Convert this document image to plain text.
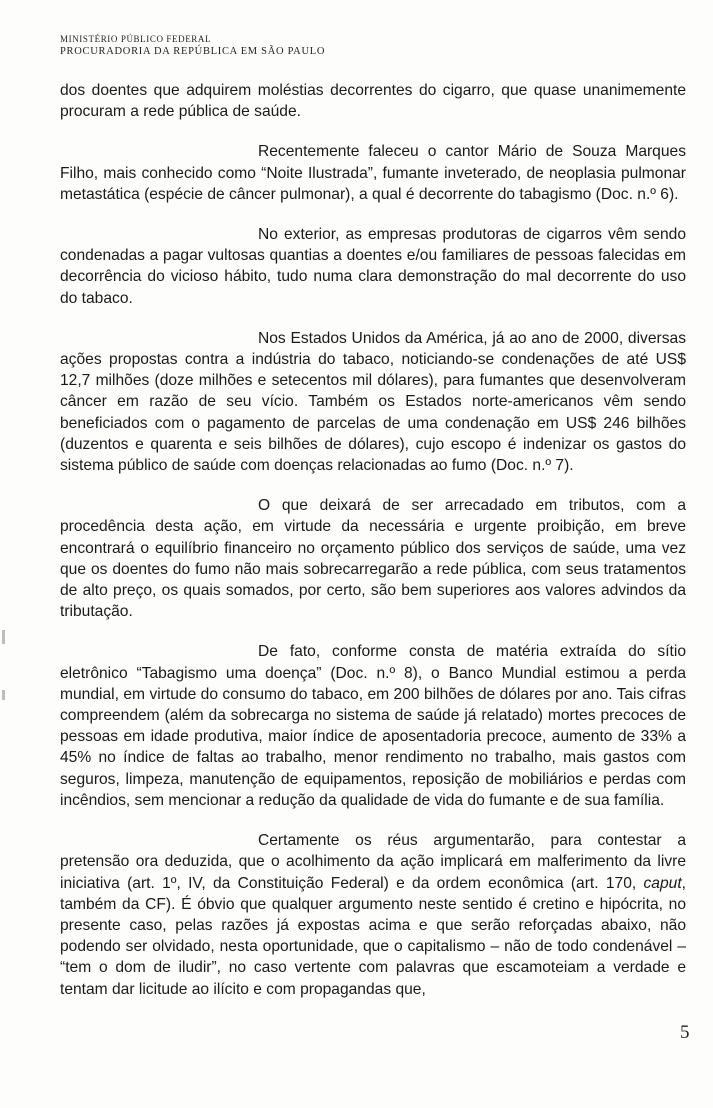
MINISTÉRIO PÚBLICO FEDERAL
PROCURADORIA DA REPÚBLICA EM SÃO PAULO

dos doentes que adquirem moléstias decorrentes do cigarro, que quase unanimemente procuram a rede pública de saúde.

Recentemente faleceu o cantor Mário de Souza Marques Filho, mais conhecido como “Noite Ilustrada”, fumante inveterado, de neoplasia pulmonar metastática (espécie de câncer pulmonar), a qual é decorrente do tabagismo (Doc. n.º 6).

No exterior, as empresas produtoras de cigarros vêm sendo condenadas a pagar vultosas quantias a doentes e/ou familiares de pessoas falecidas em decorrência do vicioso hábito, tudo numa clara demonstração do mal decorrente do uso do tabaco.

Nos Estados Unidos da América, já ao ano de 2000, diversas ações propostas contra a indústria do tabaco, noticiando-se condenações de até US$ 12,7 milhões (doze milhões e setecentos mil dólares), para fumantes que desenvolveram câncer em razão de seu vício. Também os Estados norte-americanos vêm sendo beneficiados com o pagamento de parcelas de uma condenação em US$ 246 bilhões (duzentos e quarenta e seis bilhões de dólares), cujo escopo é indenizar os gastos do sistema público de saúde com doenças relacionadas ao fumo (Doc. n.º 7).

O que deixará de ser arrecadado em tributos, com a procedência desta ação, em virtude da necessária e urgente proibição, em breve encontrará o equilíbrio financeiro no orçamento público dos serviços de saúde, uma vez que os doentes do fumo não mais sobrecarregarão a rede pública, com seus tratamentos de alto preço, os quais somados, por certo, são bem superiores aos valores advindos da tributação.

De fato, conforme consta de matéria extraída do sítio eletrônico “Tabagismo uma doença” (Doc. n.º 8), o Banco Mundial estimou a perda mundial, em virtude do consumo do tabaco, em 200 bilhões de dólares por ano. Tais cifras compreendem (além da sobrecarga no sistema de saúde já relatado) mortes precoces de pessoas em idade produtiva, maior índice de aposentadoria precoce, aumento de 33% a 45% no índice de faltas ao trabalho, menor rendimento no trabalho, mais gastos com seguros, limpeza, manutenção de equipamentos, reposição de mobiliários e perdas com incêndios, sem mencionar a redução da qualidade de vida do fumante e de sua família.

Certamente os réus argumentarão, para contestar a pretensão ora deduzida, que o acolhimento da ação implicará em malferimento da livre iniciativa (art. 1º, IV, da Constituição Federal) e da ordem econômica (art. 170, caput, também da CF). É óbvio que qualquer argumento neste sentido é cretino e hipócrita, no presente caso, pelas razões já expostas acima e que serão reforçadas abaixo, não podendo ser olvidado, nesta oportunidade, que o capitalismo – não de todo condenável – “tem o dom de iludir”, no caso vertente com palavras que escamoteiam a verdade e tentam dar licitude ao ilícito e com propagandas que,

5
